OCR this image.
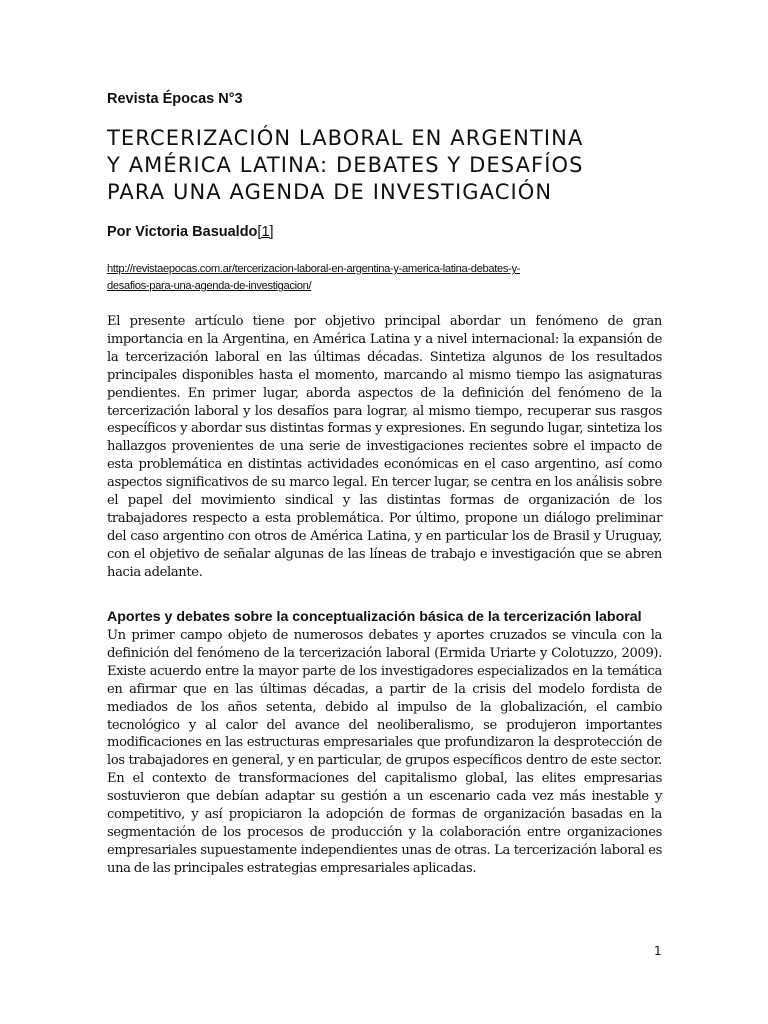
Revista Épocas N°3
TERCERIZACIÓN LABORAL EN ARGENTINA
Y AMÉRICA LATINA: DEBATES Y DESAFÍOS
PARA UNA AGENDA DE INVESTIGACIÓN
Por Victoria Basualdo[1]
http://revistaepocas.com.ar/tercerizacion-laboral-en-argentina-y-america-latina-debates-y-
desafios-para-una-agenda-de-investigacion/

El presente artículo tiene por objetivo principal abordar un fenómeno de gran importancia en la Argentina, en América Latina y a nivel internacional: la expansión de la tercerización laboral en las últimas décadas. Sintetiza algunos de los resultados principales disponibles hasta el momento, marcando al mismo tiempo las asignaturas pendientes. En primer lugar, aborda aspectos de la definición del fenómeno de la tercerización laboral y los desafíos para lograr, al mismo tiempo, recuperar sus rasgos específicos y abordar sus distintas formas y expresiones. En segundo lugar, sintetiza los hallazgos provenientes de una serie de investigaciones recientes sobre el impacto de esta problemática en distintas actividades económicas en el caso argentino, así como aspectos significativos de su marco legal. En tercer lugar, se centra en los análisis sobre el papel del movimiento sindical y las distintas formas de organización de los trabajadores respecto a esta problemática. Por último, propone un diálogo preliminar del caso argentino con otros de América Latina, y en particular los de Brasil y Uruguay, con el objetivo de señalar algunas de las líneas de trabajo e investigación que se abren hacia adelante.

Aportes y debates sobre la conceptualización básica de la tercerización laboral

Un primer campo objeto de numerosos debates y aportes cruzados se vincula con la definición del fenómeno de la tercerización laboral (Ermida Uriarte y Colotuzzo, 2009). Existe acuerdo entre la mayor parte de los investigadores especializados en la temática en afirmar que en las últimas décadas, a partir de la crisis del modelo fordista de mediados de los años setenta, debido al impulso de la globalización, el cambio tecnológico y al calor del avance del neoliberalismo, se produjeron importantes modificaciones en las estructuras empresariales que profundizaron la desprotección de los trabajadores en general, y en particular, de grupos específicos dentro de este sector. En el contexto de transformaciones del capitalismo global, las elites empresarias sostuvieron que debían adaptar su gestión a un escenario cada vez más inestable y competitivo, y así propiciaron la adopción de formas de organización basadas en la segmentación de los procesos de producción y la colaboración entre organizaciones empresariales supuestamente independientes unas de otras. La tercerización laboral es una de las principales estrategias empresariales aplicadas.

1
